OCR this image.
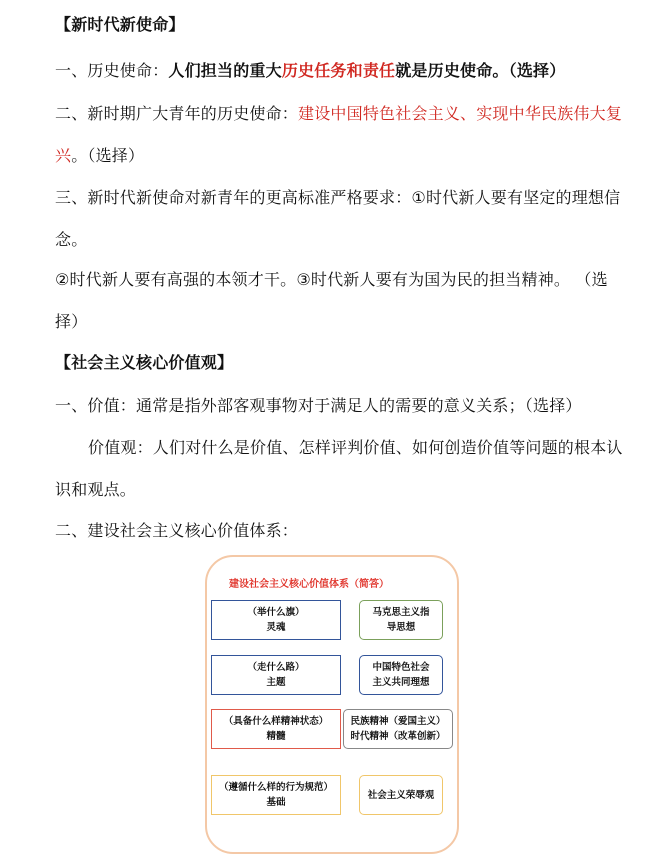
【新时代新使命】
一、历史使命：人们担当的重大历史任务和责任就是历史使命。（选择）
二、新时期广大青年的历史使命：建设中国特色社会主义、实现中华民族伟大复
兴。（选择）
三、新时代新使命对新青年的更高标准严格要求：①时代新人要有坚定的理想信
念。
②时代新人要有高强的本领才干。③时代新人要有为国为民的担当精神。 （选
择）
【社会主义核心价值观】
一、价值：通常是指外部客观事物对于满足人的需要的意义关系；（选择）
价值观：人们对什么是价值、怎样评判价值、如何创造价值等问题的根本认
识和观点。
二、建设社会主义核心价值体系：
建设社会主义核心价值体系（简答）
（举什么旗）
灵魂
马克思主义指
导思想
（走什么路）
主题
中国特色社会
主义共同理想
（具备什么样精神状态）
精髓
民族精神（爱国主义）
时代精神（改革创新）
（遵循什么样的行为规范）
基础
社会主义荣辱观
